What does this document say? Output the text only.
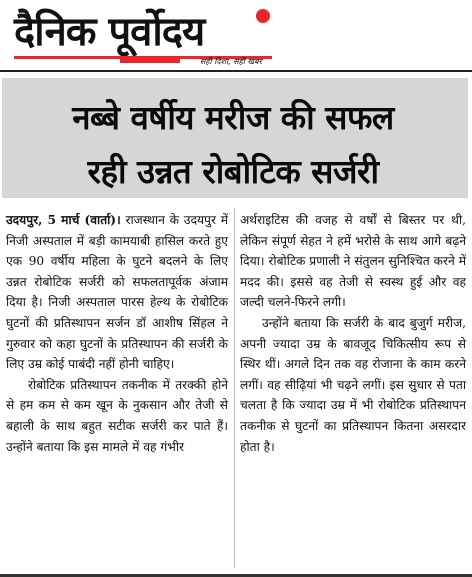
दैनिक पूर्वोदय
सही दिशा, सही खबर
नब्बे वर्षीय मरीज की सफल
रही उन्नत रोबोटिक सर्जरी

उदयपुर, 5 मार्च (वार्ता)। राजस्थान के उदयपुर में निजी अस्पताल में बड़ी कामयाबी हासिल करते हुए एक 90 वर्षीय महिला के घुटने बदलने के लिए उन्नत रोबोटिक सर्जरी को सफलतापूर्वक अंजाम दिया है। निजी अस्पताल पारस हेल्थ के रोबोटिक घुटनों की प्रतिस्थापन सर्जन डॉ आशीष सिंहल ने गुरुवार को कहा घुटनों के प्रतिस्थापन की सर्जरी के लिए उम्र कोई पाबंदी नहीं होनी चाहिए।

रोबोटिक प्रतिस्थापन तकनीक में तरक्की होने से हम कम से कम खून के नुकसान और तेजी से बहाली के साथ बहुत सटीक सर्जरी कर पाते हैं। उन्होंने बताया कि इस मामले में वह गंभीर

अर्थराइटिस की वजह से वर्षों से बिस्तर पर थी, लेकिन संपूर्ण सेहत ने हमें भरोसे के साथ आगे बढ़ने दिया। रोबोटिक प्रणाली ने संतुलन सुनिश्चित करने में मदद की। इससे वह तेजी से स्वस्थ हुई और वह जल्दी चलने-फिरने लगी।

उन्होंने बताया कि सर्जरी के बाद बुजुर्ग मरीज, अपनी ज्यादा उम्र के बावजूद चिकित्सीय रूप से स्थिर थीं। अगले दिन तक वह रोजाना के काम करने लगीं। वह सीढ़ियां भी चढ़ने लगीं। इस सुधार से पता चलता है कि ज्यादा उम्र में भी रोबोटिक प्रतिस्थापन तकनीक से घुटनों का प्रतिस्थापन कितना असरदार होता है।
